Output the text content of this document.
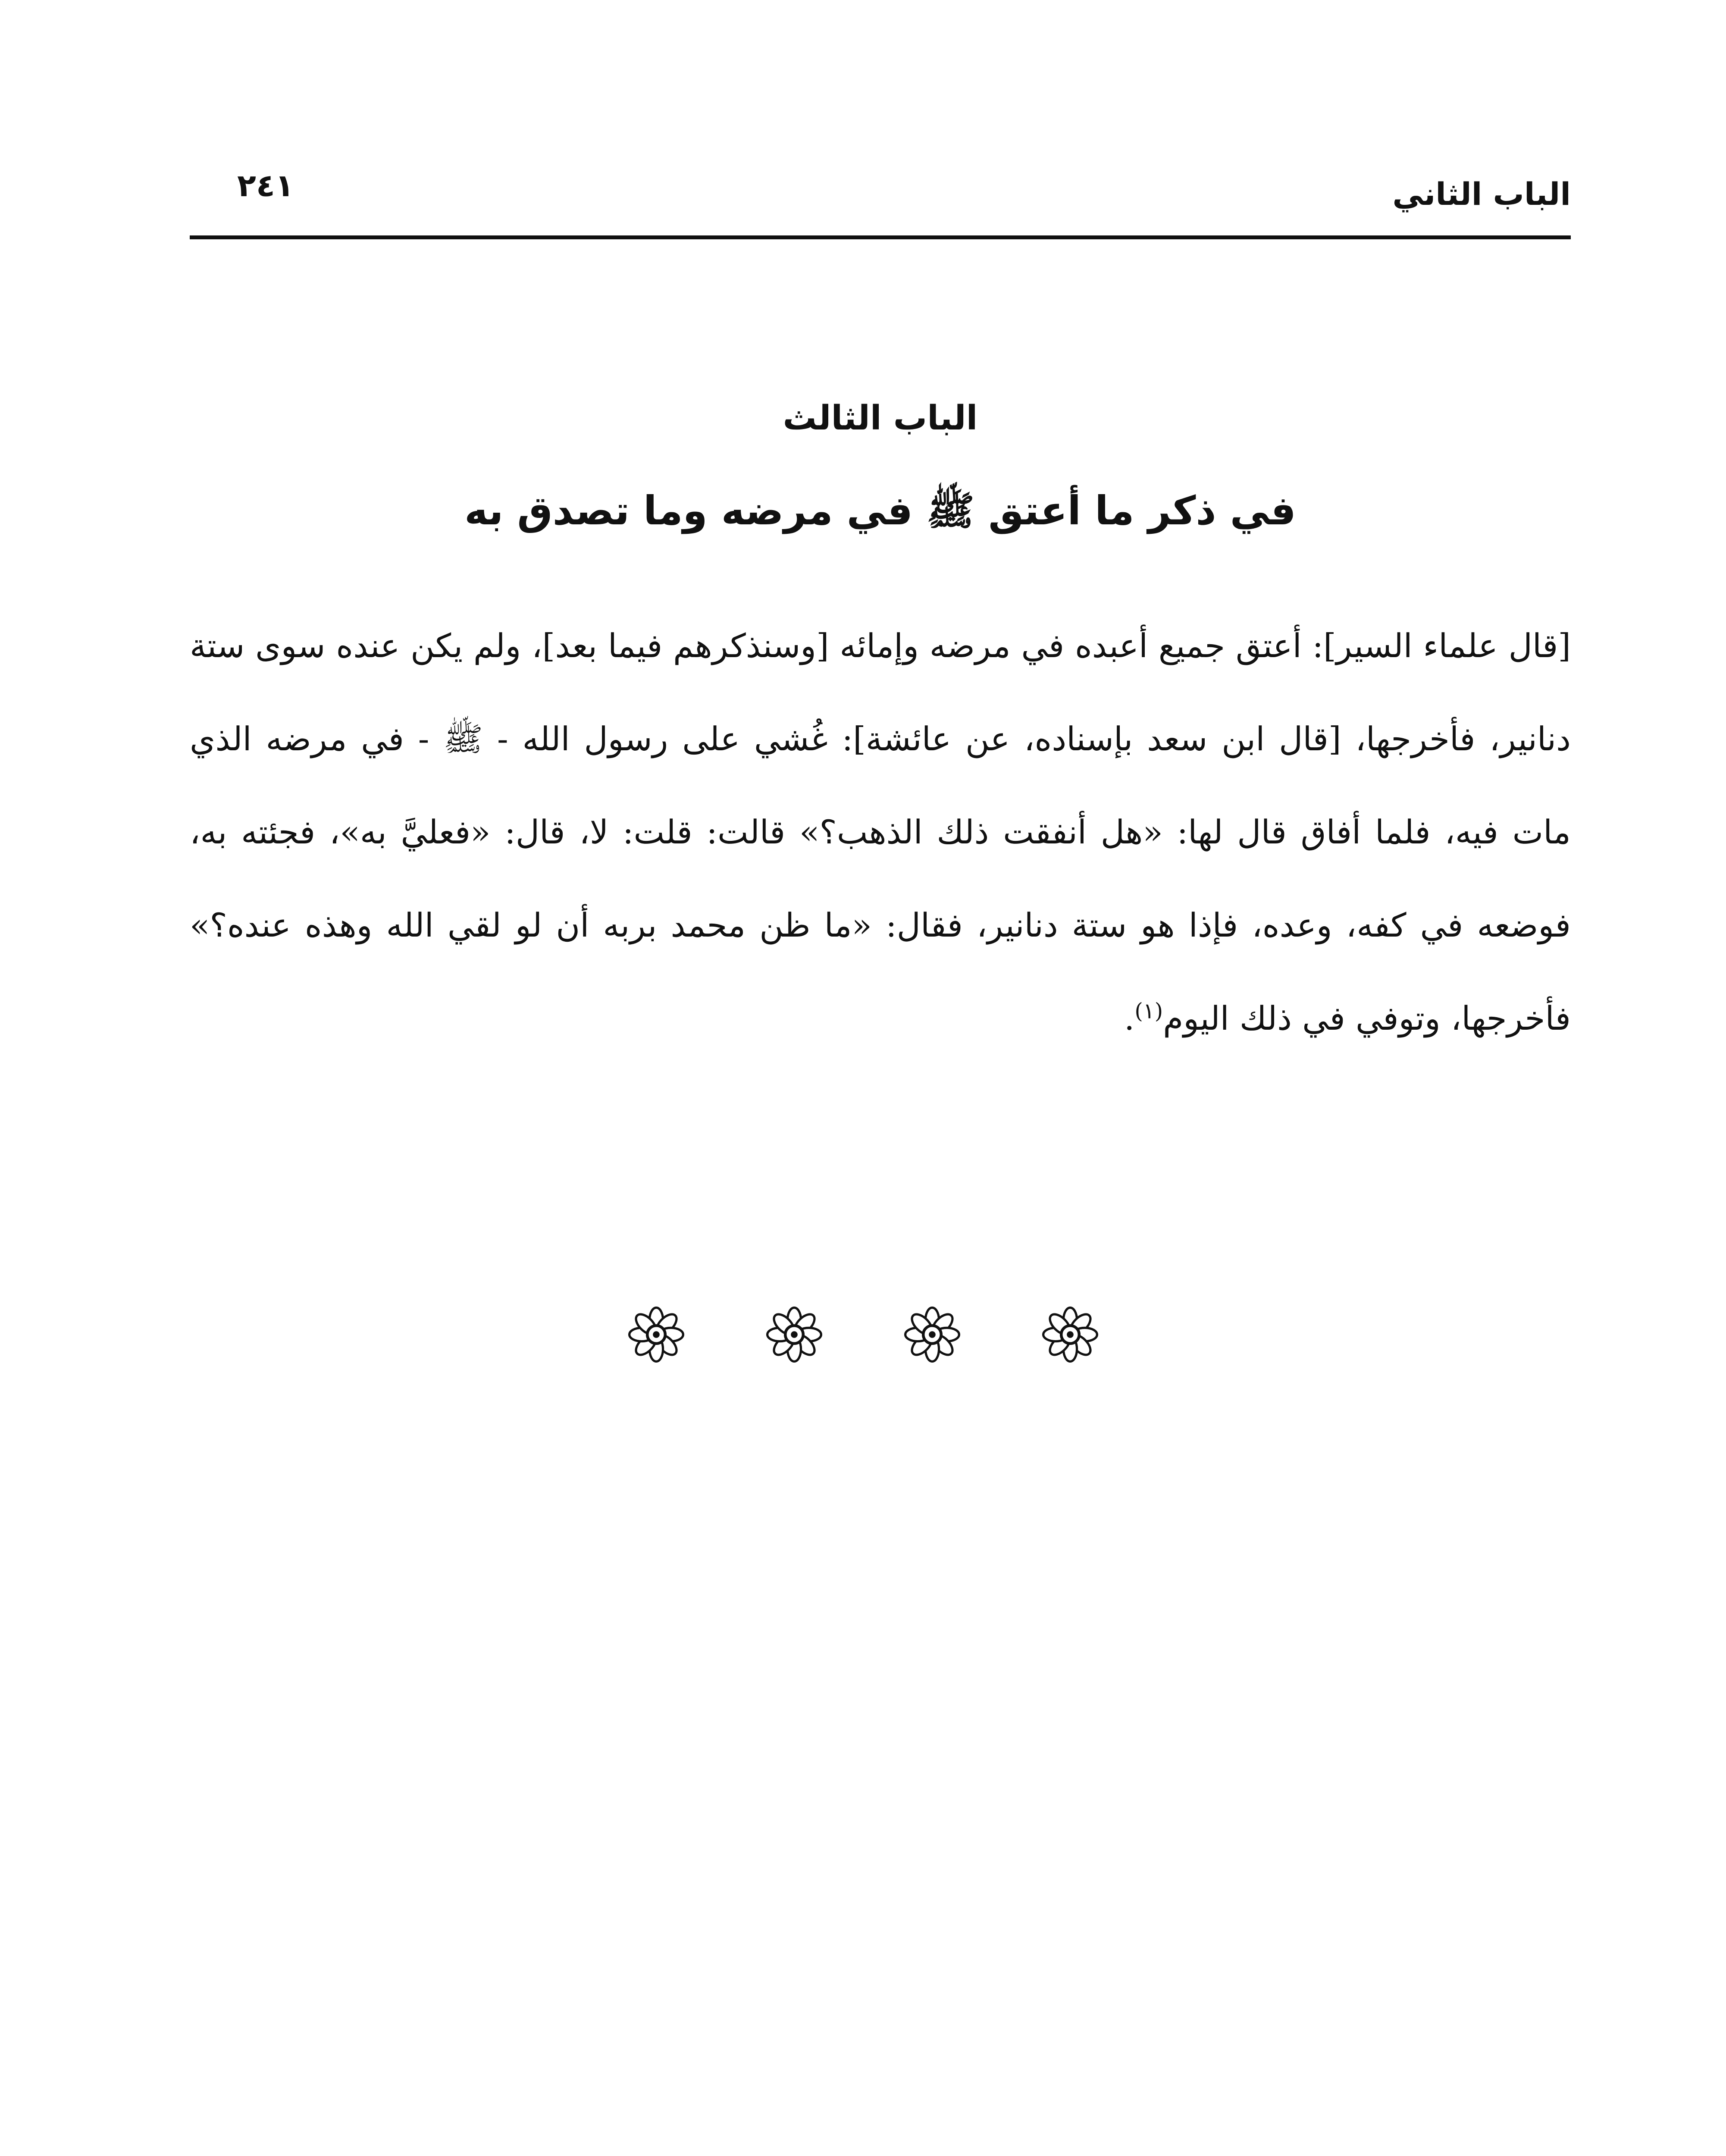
الباب الثاني
٢٤١
الباب الثالث
في ذكر ما أعتق ﷺ في مرضه وما تصدق به

[قال علماء السير]: أعتق جميع أعبده في مرضه وإمائه [وسنذكرهم فيما بعد]، ولم يكن عنده سوى ستة دنانير، فأخرجها، [قال ابن سعد بإسناده، عن عائشة]: غُشي على رسول الله - ﷺ - في مرضه الذي مات فيه، فلما أفاق قال لها: «هل أنفقت ذلك الذهب؟» قالت: قلت: لا، قال: «فعليَّ به»، فجئته به، فوضعه في كفه، وعده، فإذا هو ستة دنانير، فقال: «ما ظن محمد بربه أن لو لقي الله وهذه عنده؟» فأخرجها، وتوفي في ذلك اليوم$^{(١)}$.
